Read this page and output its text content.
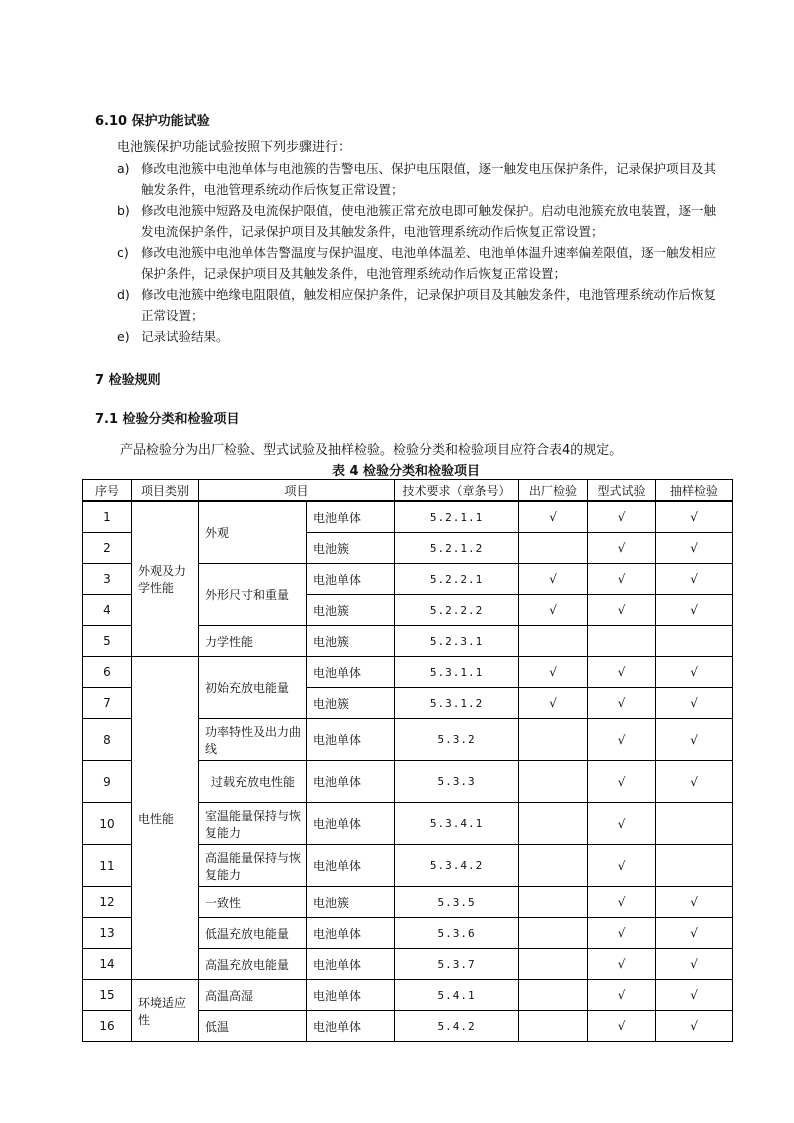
6.10 保护功能试验
电池簇保护功能试验按照下列步骤进行：

a) 修改电池簇中电池单体与电池簇的告警电压、保护电压限值，逐一触发电压保护条件，记录保护项目及其触发条件，电池管理系统动作后恢复正常设置；

b) 修改电池簇中短路及电流保护限值，使电池簇正常充放电即可触发保护。启动电池簇充放电装置，逐一触发电流保护条件，记录保护项目及其触发条件，电池管理系统动作后恢复正常设置；

c) 修改电池簇中电池单体告警温度与保护温度、电池单体温差、电池单体温升速率偏差限值，逐一触发相应保护条件，记录保护项目及其触发条件，电池管理系统动作后恢复正常设置；

d) 修改电池簇中绝缘电阻限值，触发相应保护条件，记录保护项目及其触发条件，电池管理系统动作后恢复正常设置；

e) 记录试验结果。

7 检验规则
7.1 检验分类和检验项目
产品检验分为出厂检验、型式试验及抽样检验。检验分类和检验项目应符合表4的规定。
表 4 检验分类和检验项目
序号	项目类别	项目		技术要求（章条号）	出厂检验	型式试验	抽样检验
1	外观及力学性能	外观	电池单体	5.2.1.1	√	√	√
2			电池簇	5.2.1.2		√	√
3		外形尺寸和重量	电池单体	5.2.2.1	√	√	√
4			电池簇	5.2.2.2	√	√	√
5		力学性能	电池簇	5.2.3.1			
6	电性能	初始充放电能量	电池单体	5.3.1.1	√	√	√
7			电池簇	5.3.1.2	√	√	√
8		功率特性及出力曲线	电池单体	5.3.2		√	√
9		过载充放电性能	电池单体	5.3.3		√	√
10		室温能量保持与恢复能力	电池单体	5.3.4.1		√	
11		高温能量保持与恢复能力	电池单体	5.3.4.2		√	
12		一致性	电池簇	5.3.5		√	√
13		低温充放电能量	电池单体	5.3.6		√	√
14		高温充放电能量	电池单体	5.3.7		√	√
15	环境适应性	高温高湿	电池单体	5.4.1		√	√
16		低温	电池单体	5.4.2		√	√
